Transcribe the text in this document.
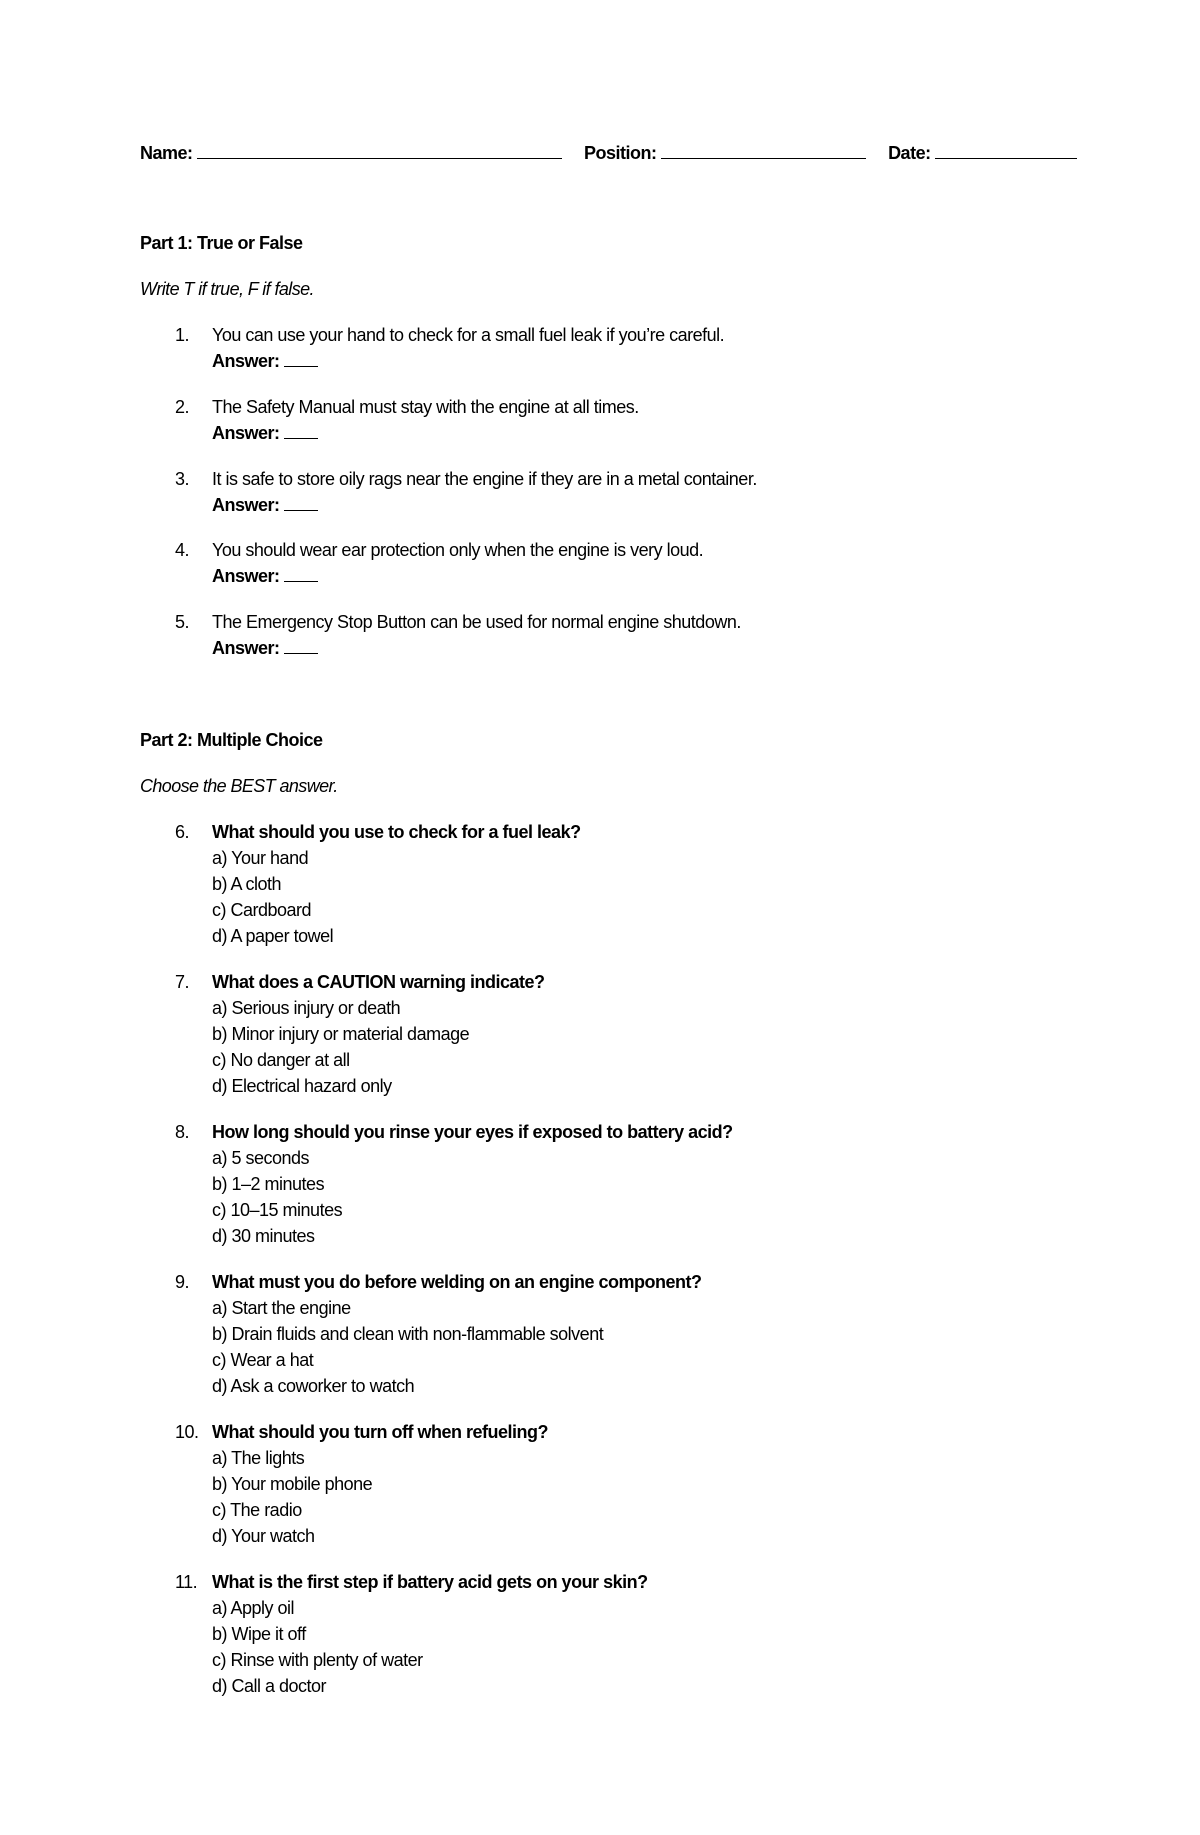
Name:	Position:	Date:
Part 1: True or False
Write T if true, F if false.
1.	You can use your hand to check for a small fuel leak if you’re careful.
Answer:
2.	The Safety Manual must stay with the engine at all times.
Answer:
3.	It is safe to store oily rags near the engine if they are in a metal container.
Answer:
4.	You should wear ear protection only when the engine is very loud.
Answer:
5.	The Emergency Stop Button can be used for normal engine shutdown.
Answer:
Part 2: Multiple Choice
Choose the BEST answer.
6.	What should you use to check for a fuel leak?
a) Your hand
b) A cloth
c) Cardboard
d) A paper towel
7.	What does a CAUTION warning indicate?
a) Serious injury or death
b) Minor injury or material damage
c) No danger at all
d) Electrical hazard only
8.	How long should you rinse your eyes if exposed to battery acid?
a) 5 seconds
b) 1–2 minutes
c) 10–15 minutes
d) 30 minutes
9.	What must you do before welding on an engine component?
a) Start the engine
b) Drain fluids and clean with non-flammable solvent
c) Wear a hat
d) Ask a coworker to watch
10. What should you turn off when refueling?
a) The lights
b) Your mobile phone
c) The radio
d) Your watch
11. What is the first step if battery acid gets on your skin?
a) Apply oil
b) Wipe it off
c) Rinse with plenty of water
d) Call a doctor
